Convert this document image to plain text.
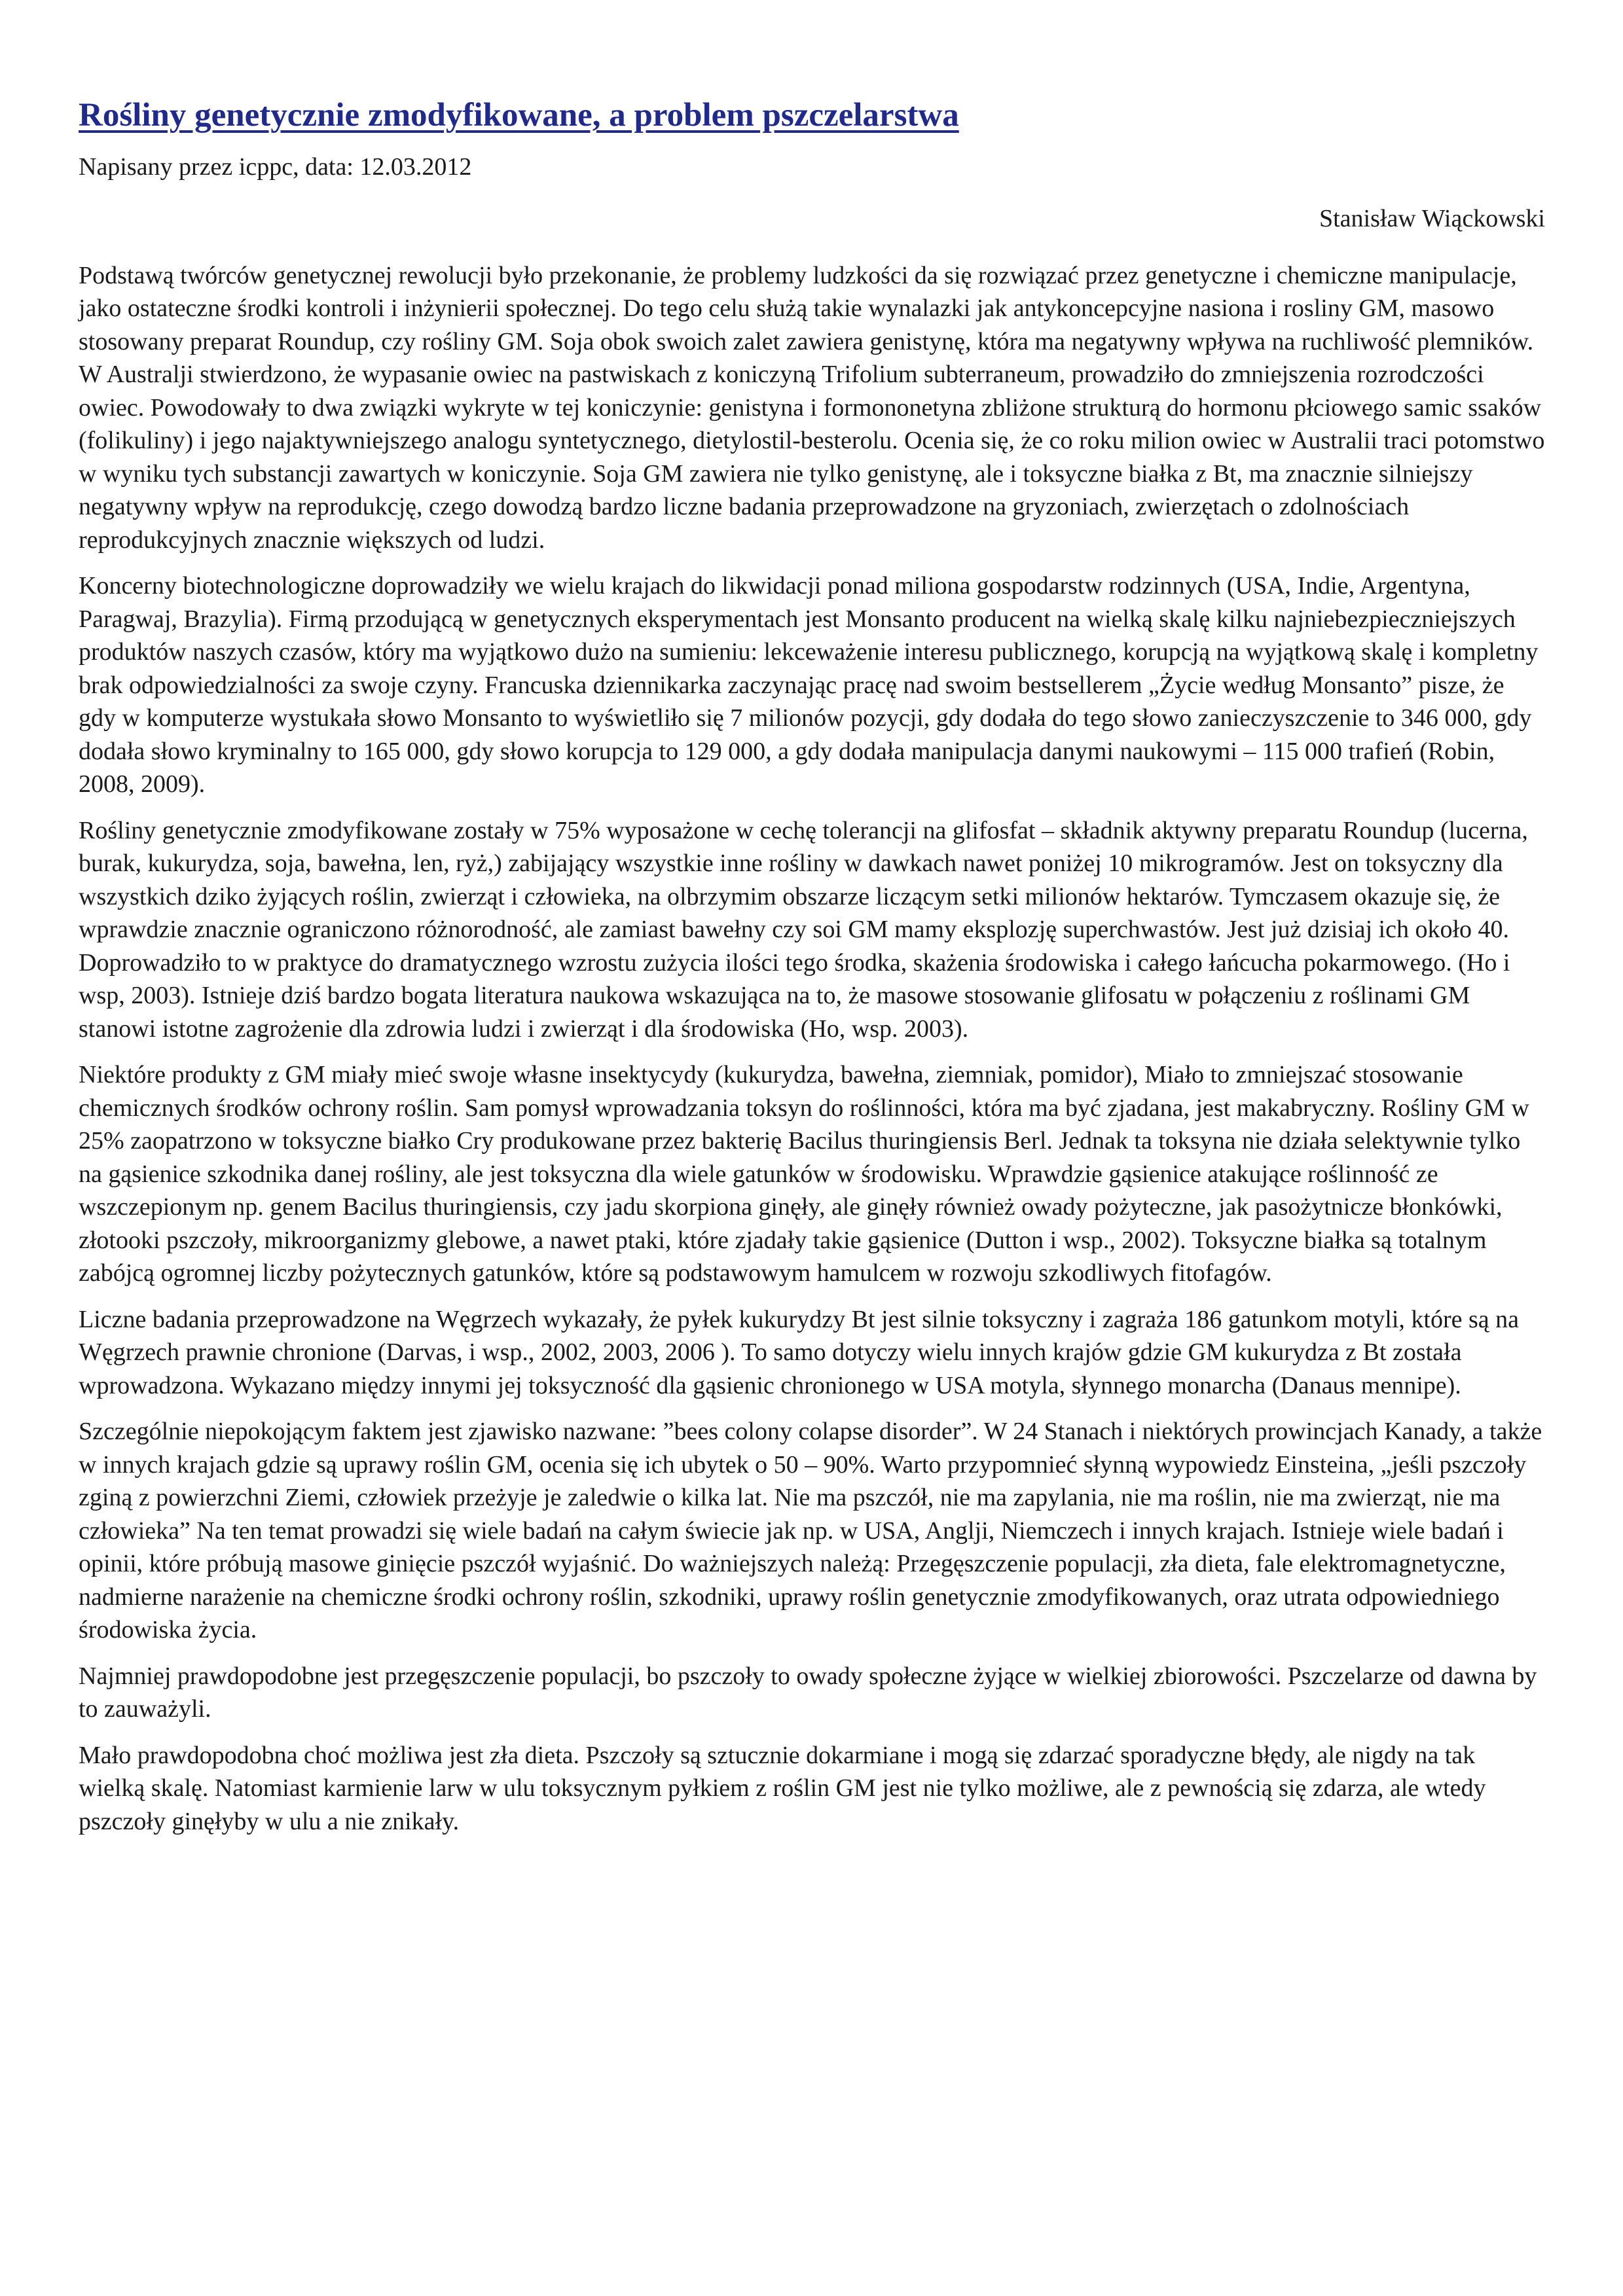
Rośliny genetycznie zmodyfikowane, a problem pszczelarstwa

Napisany przez icppc, data: 12.03.2012

Stanisław Wiąckowski

Podstawą twórców genetycznej rewolucji było przekonanie, że problemy ludzkości da się rozwiązać przez genetyczne i chemiczne manipulacje, jako ostateczne środki kontroli i inżynierii społecznej. Do tego celu służą takie wynalazki jak antykoncepcyjne nasiona i rosliny GM, masowo stosowany preparat Roundup, czy rośliny GM. Soja obok swoich zalet zawiera genistynę, która ma negatywny wpływa na ruchliwość plemników. W Australji stwierdzono, że wypasanie owiec na pastwiskach z koniczyną Trifolium subterraneum, prowadziło do zmniejszenia rozrodczości owiec. Powodowały to dwa związki wykryte w tej koniczynie: genistyna i formononetyna zbliżone strukturą do hormonu płciowego samic ssaków (folikuliny) i jego najaktywniejszego analogu syntetycznego, dietylostil-besterolu. Ocenia się, że co roku milion owiec w Australii traci potomstwo w wyniku tych substancji zawartych w koniczynie. Soja GM zawiera nie tylko genistynę, ale i toksyczne białka z Bt, ma znacznie silniejszy negatywny wpływ na reprodukcję, czego dowodzą bardzo liczne badania przeprowadzone na gryzoniach, zwierzętach o zdolnościach reprodukcyjnych znacznie większych od ludzi.

Koncerny biotechnologiczne doprowadziły we wielu krajach do likwidacji ponad miliona gospodarstw rodzinnych (USA, Indie, Argentyna, Paragwaj, Brazylia). Firmą przodującą w genetycznych eksperymentach jest Monsanto producent na wielką skalę kilku najniebezpieczniejszych produktów naszych czasów, który ma wyjątkowo dużo na sumieniu: lekceważenie interesu publicznego, korupcją na wyjątkową skalę i kompletny brak odpowiedzialności za swoje czyny. Francuska dziennikarka zaczynając pracę nad swoim bestsellerem „Życie według Monsanto” pisze, że gdy w komputerze wystukała słowo Monsanto to wyświetliło się 7 milionów pozycji, gdy dodała do tego słowo zanieczyszczenie to 346 000, gdy dodała słowo kryminalny to 165 000, gdy słowo korupcja to 129 000, a gdy dodała manipulacja danymi naukowymi – 115 000 trafień (Robin, 2008, 2009).

Rośliny genetycznie zmodyfikowane zostały w 75% wyposażone w cechę tolerancji na glifosfat – składnik aktywny preparatu Roundup (lucerna, burak, kukurydza, soja, bawełna, len, ryż,) zabijający wszystkie inne rośliny w dawkach nawet poniżej 10 mikrogramów. Jest on toksyczny dla wszystkich dziko żyjących roślin, zwierząt i człowieka, na olbrzymim obszarze liczącym setki milionów hektarów. Tymczasem okazuje się, że wprawdzie znacznie ograniczono różnorodność, ale zamiast bawełny czy soi GM mamy eksplozję superchwastów. Jest już dzisiaj ich około 40. Doprowadziło to w praktyce do dramatycznego wzrostu zużycia ilości tego środka, skażenia środowiska i całego łańcucha pokarmowego. (Ho i wsp, 2003). Istnieje dziś bardzo bogata literatura naukowa wskazująca na to, że masowe stosowanie glifosatu w połączeniu z roślinami GM stanowi istotne zagrożenie dla zdrowia ludzi i zwierząt i dla środowiska (Ho, wsp. 2003).

Niektóre produkty z GM miały mieć swoje własne insektycydy (kukurydza, bawełna, ziemniak, pomidor), Miało to zmniejszać stosowanie chemicznych środków ochrony roślin. Sam pomysł wprowadzania toksyn do roślinności, która ma być zjadana, jest makabryczny. Rośliny GM w 25% zaopatrzono w toksyczne białko Cry produkowane przez bakterię Bacilus thuringiensis Berl. Jednak ta toksyna nie działa selektywnie tylko na gąsienice szkodnika danej rośliny, ale jest toksyczna dla wiele gatunków w środowisku. Wprawdzie gąsienice atakujące roślinność ze wszczepionym np. genem Bacilus thuringiensis, czy jadu skorpiona ginęły, ale ginęły również owady pożyteczne, jak pasożytnicze błonkówki, złotooki pszczoły, mikroorganizmy glebowe, a nawet ptaki, które zjadały takie gąsienice (Dutton i wsp., 2002). Toksyczne białka są totalnym zabójcą ogromnej liczby pożytecznych gatunków, które są podstawowym hamulcem w rozwoju szkodliwych fitofagów.

Liczne badania przeprowadzone na Węgrzech wykazały, że pyłek kukurydzy Bt jest silnie toksyczny i zagraża 186 gatunkom motyli, które są na Węgrzech prawnie chronione (Darvas, i wsp., 2002, 2003, 2006 ). To samo dotyczy wielu innych krajów gdzie GM kukurydza z Bt została wprowadzona. Wykazano między innymi jej toksyczność dla gąsienic chronionego w USA motyla, słynnego monarcha (Danaus mennipe).

Szczególnie niepokojącym faktem jest zjawisko nazwane: ”bees colony colapse disorder”. W 24 Stanach i niektórych prowincjach Kanady, a także w innych krajach gdzie są uprawy roślin GM, ocenia się ich ubytek o 50 – 90%. Warto przypomnieć słynną wypowiedz Einsteina, „jeśli pszczoły zginą z powierzchni Ziemi, człowiek przeżyje je zaledwie o kilka lat. Nie ma pszczół, nie ma zapylania, nie ma roślin, nie ma zwierząt, nie ma człowieka” Na ten temat prowadzi się wiele badań na całym świecie jak np. w USA, Anglji, Niemczech i innych krajach. Istnieje wiele badań i opinii, które próbują masowe ginięcie pszczół wyjaśnić. Do ważniejszych należą: Przegęszczenie populacji, zła dieta, fale elektromagnetyczne, nadmierne narażenie na chemiczne środki ochrony roślin, szkodniki, uprawy roślin genetycznie zmodyfikowanych, oraz utrata odpowiedniego środowiska życia.

Najmniej prawdopodobne jest przegęszczenie populacji, bo pszczoły to owady społeczne żyjące w wielkiej zbiorowości. Pszczelarze od dawna by to zauważyli.

Mało prawdopodobna choć możliwa jest zła dieta. Pszczoły są sztucznie dokarmiane i mogą się zdarzać sporadyczne błędy, ale nigdy na tak wielką skalę. Natomiast karmienie larw w ulu toksycznym pyłkiem z roślin GM jest nie tylko możliwe, ale z pewnością się zdarza, ale wtedy pszczoły ginęłyby w ulu a nie znikały.
